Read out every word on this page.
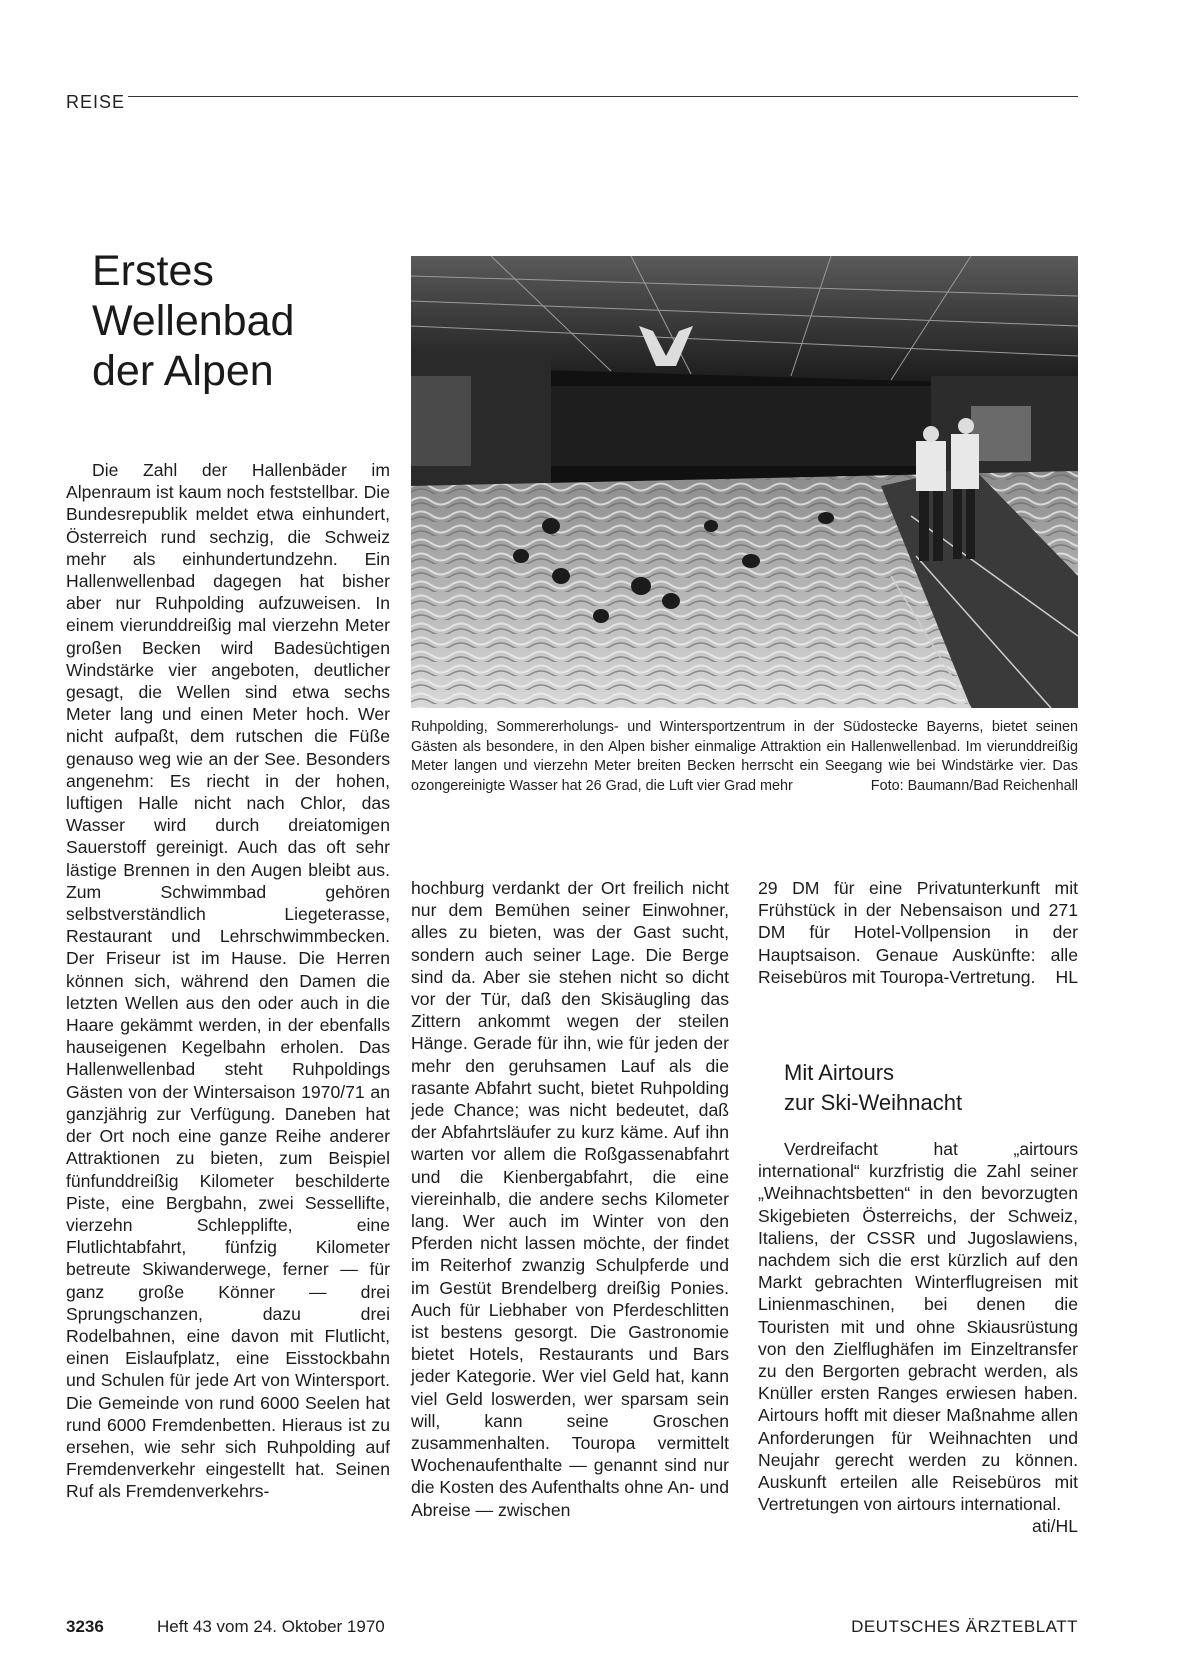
REISE
Erstes
Wellenbad
der Alpen
Ruhpolding, Sommererholungs- und Wintersportzentrum in der Südostecke Bayerns, bietet seinen Gästen als besondere, in den Alpen bisher einmalige Attraktion ein Hallenwellenbad. Im vierunddreißig Meter langen und vierzehn Meter breiten Becken herrscht ein Seegang wie bei Windstärke vier. Das ozongereinigte Wasser hat 26 Grad, die Luft vier Grad mehr	Foto: Baumann/Bad Reichenhall

Die Zahl der Hallenbäder im Alpenraum ist kaum noch feststellbar. Die Bundesrepublik meldet etwa einhundert, Österreich rund sechzig, die Schweiz mehr als einhundertundzehn. Ein Hallenwellenbad dagegen hat bisher aber nur Ruhpolding aufzuweisen. In einem vierunddreißig mal vierzehn Meter großen Becken wird Badesüchtigen Windstärke vier angeboten, deutlicher gesagt, die Wellen sind etwa sechs Meter lang und einen Meter hoch. Wer nicht aufpaßt, dem rutschen die Füße genauso weg wie an der See. Besonders angenehm: Es riecht in der hohen, luftigen Halle nicht nach Chlor, das Wasser wird durch dreiatomigen Sauerstoff gereinigt. Auch das oft sehr lästige Brennen in den Augen bleibt aus. Zum Schwimmbad gehören selbstverständlich Liegeterasse, Restaurant und Lehrschwimmbecken. Der Friseur ist im Hause. Die Herren können sich, während den Damen die letzten Wellen aus den oder auch in die Haare gekämmt werden, in der ebenfalls hauseigenen Kegelbahn erholen. Das Hallenwellenbad steht Ruhpoldings Gästen von der Wintersaison 1970/71 an ganzjährig zur Verfügung. Daneben hat der Ort noch eine ganze Reihe anderer Attraktionen zu bieten, zum Beispiel fünfunddreißig Kilometer beschilderte Piste, eine Bergbahn, zwei Sessellifte, vierzehn Schlepplifte, eine Flutlichtabfahrt, fünfzig Kilometer betreute Skiwanderwege, ferner — für ganz große Könner — drei Sprungschanzen, dazu drei Rodelbahnen, eine davon mit Flutlicht, einen Eislaufplatz, eine Eisstockbahn und Schulen für jede Art von Wintersport. Die Gemeinde von rund 6000 Seelen hat rund 6000 Fremdenbetten. Hieraus ist zu ersehen, wie sehr sich Ruhpolding auf Fremdenverkehr eingestellt hat. Seinen Ruf als Fremdenverkehrs-

hochburg verdankt der Ort freilich nicht nur dem Bemühen seiner Einwohner, alles zu bieten, was der Gast sucht, sondern auch seiner Lage. Die Berge sind da. Aber sie stehen nicht so dicht vor der Tür, daß den Skisäugling das Zittern ankommt wegen der steilen Hänge. Gerade für ihn, wie für jeden der mehr den geruhsamen Lauf als die rasante Abfahrt sucht, bietet Ruhpolding jede Chance; was nicht bedeutet, daß der Abfahrtsläufer zu kurz käme. Auf ihn warten vor allem die Roßgassenabfahrt und die Kienbergabfahrt, die eine viereinhalb, die andere sechs Kilometer lang. Wer auch im Winter von den Pferden nicht lassen möchte, der findet im Reiterhof zwanzig Schulpferde und im Gestüt Brendelberg dreißig Ponies. Auch für Liebhaber von Pferdeschlitten ist bestens gesorgt. Die Gastronomie bietet Hotels, Restaurants und Bars jeder Kategorie. Wer viel Geld hat, kann viel Geld loswerden, wer sparsam sein will, kann seine Groschen zusammenhalten. Touropa vermittelt Wochenaufenthalte — genannt sind nur die Kosten des Aufenthalts ohne An- und Abreise — zwischen

29 DM für eine Privatunterkunft mit Frühstück in der Nebensaison und 271 DM für Hotel-Vollpension in der Hauptsaison. Genaue Auskünfte: alle Reisebüros mit Touropa-Vertretung. HL

Mit Airtours
zur Ski-Weihnacht

Verdreifacht hat „airtours international“ kurzfristig die Zahl seiner „Weihnachtsbetten“ in den bevorzugten Skigebieten Österreichs, der Schweiz, Italiens, der CSSR und Jugoslawiens, nachdem sich die erst kürzlich auf den Markt gebrachten Winterflugreisen mit Linienmaschinen, bei denen die Touristen mit und ohne Skiausrüstung von den Zielflughäfen im Einzeltransfer zu den Bergorten gebracht werden, als Knüller ersten Ranges erwiesen haben. Airtours hofft mit dieser Maßnahme allen Anforderungen für Weihnachten und Neujahr gerecht werden zu können. Auskunft erteilen alle Reisebüros mit Vertretungen von airtours international.
ati/HL

3236	Heft 43 vom 24. Oktober 1970	DEUTSCHES ÄRZTEBLATT
